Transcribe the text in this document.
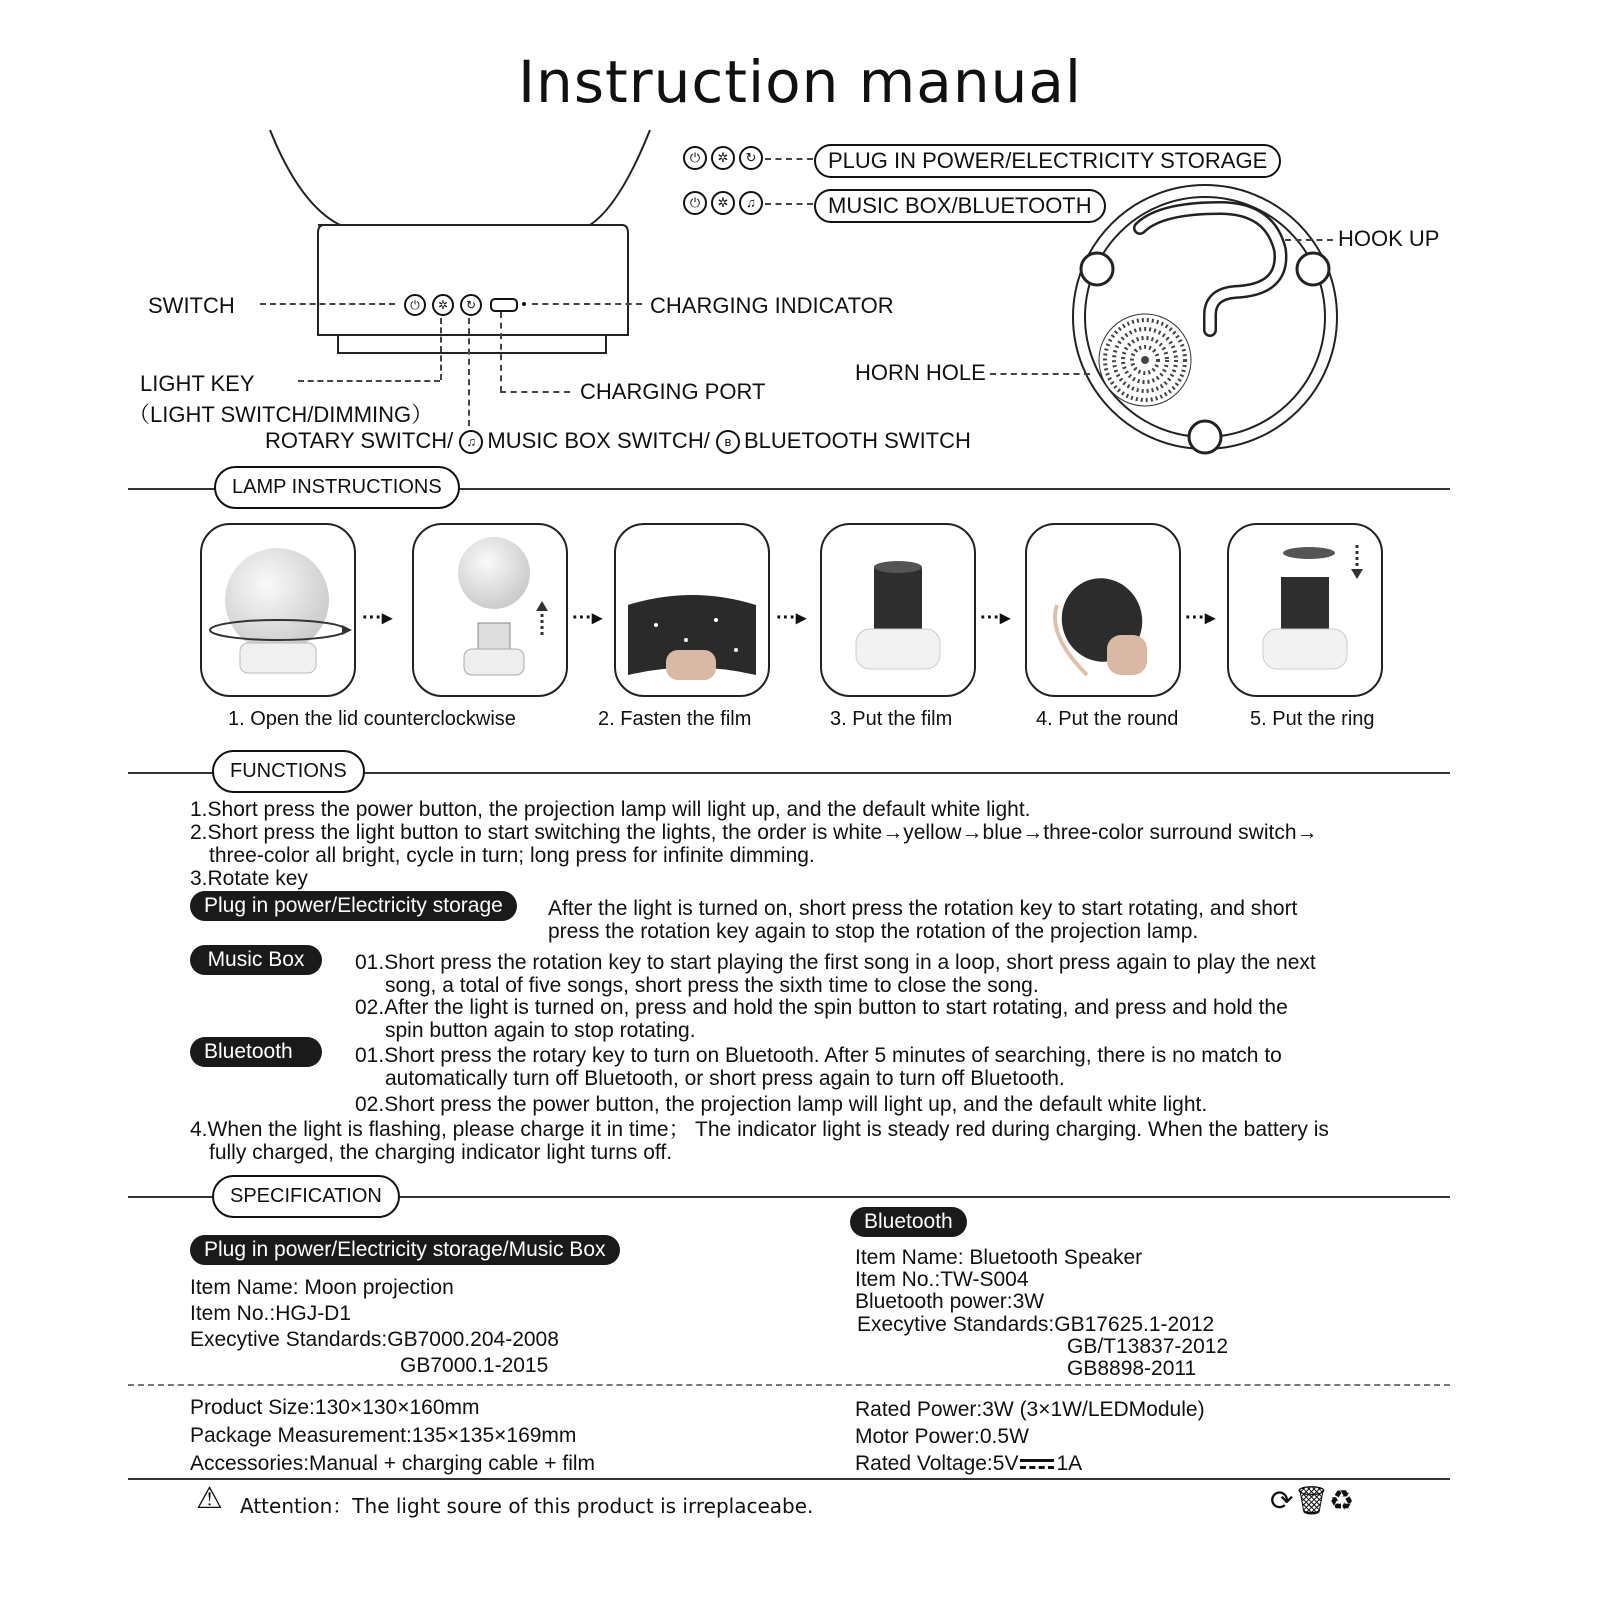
Instruction manual
⏻	✲	↻
SWITCH	CHARGING INDICATOR
LIGHT KEY
（LIGHT SWITCH/DIMMING）
CHARGING PORT
ROTARY SWITCH/ ♫ MUSIC BOX SWITCH/ ʙ BLUETOOTH SWITCH
⏻ ✲ ↻	PLUG IN POWER/ELECTRICITY STORAGE
⏻ ✲ ♫	MUSIC BOX/BLUETOOTH
HOOK UP
HORN HOLE
LAMP INSTRUCTIONS
···▸	···▸	···▸	···▸	···▸
1. Open the lid counterclockwise	2. Fasten the film	3. Put the film	4. Put the round	5. Put the ring
FUNCTIONS
1.Short press the power button, the projection lamp will light up, and the default white light.
2.Short press the light button to start switching the lights, the order is white→yellow→blue→three-color surround switch→
three-color all bright, cycle in turn; long press for infinite dimming.
3.Rotate key
Plug in power/Electricity storage	After the light is turned on, short press the rotation key to start rotating, and short
press the rotation key again to stop the rotation of the projection lamp.
Music Box	01.Short press the rotation key to start playing the first song in a loop, short press again to play the next
song, a total of five songs, short press the sixth time to close the song.
02.After the light is turned on, press and hold the spin button to start rotating, and press and hold the
spin button again to stop rotating.
Bluetooth	01.Short press the rotary key to turn on Bluetooth. After 5 minutes of searching, there is no match to
automatically turn off Bluetooth, or short press again to turn off Bluetooth.
02.Short press the power button, the projection lamp will light up, and the default white light.
4.When the light is flashing, please charge it in time； The indicator light is steady red during charging. When the battery is
fully charged, the charging indicator light turns off.
SPECIFICATION
Plug in power/Electricity storage/Music Box
Item Name: Moon projection
Item No.:HGJ-D1
Execytive Standards:GB7000.204-2008
GB7000.1-2015
Bluetooth
Item Name: Bluetooth Speaker
Item No.:TW-S004
Bluetooth power:3W
Execytive Standards:GB17625.1-2012
GB/T13837-2012
GB8898-2011
Product Size:130×130×160mm
Package Measurement:135×135×169mm
Accessories:Manual + charging cable + film
Rated Power:3W (3×1W/LEDModule)
Motor Power:0.5W
Rated Voltage:5V 1A
⚠ Attention：The light soure of this product is irreplaceabe.	⟳🗑♻
